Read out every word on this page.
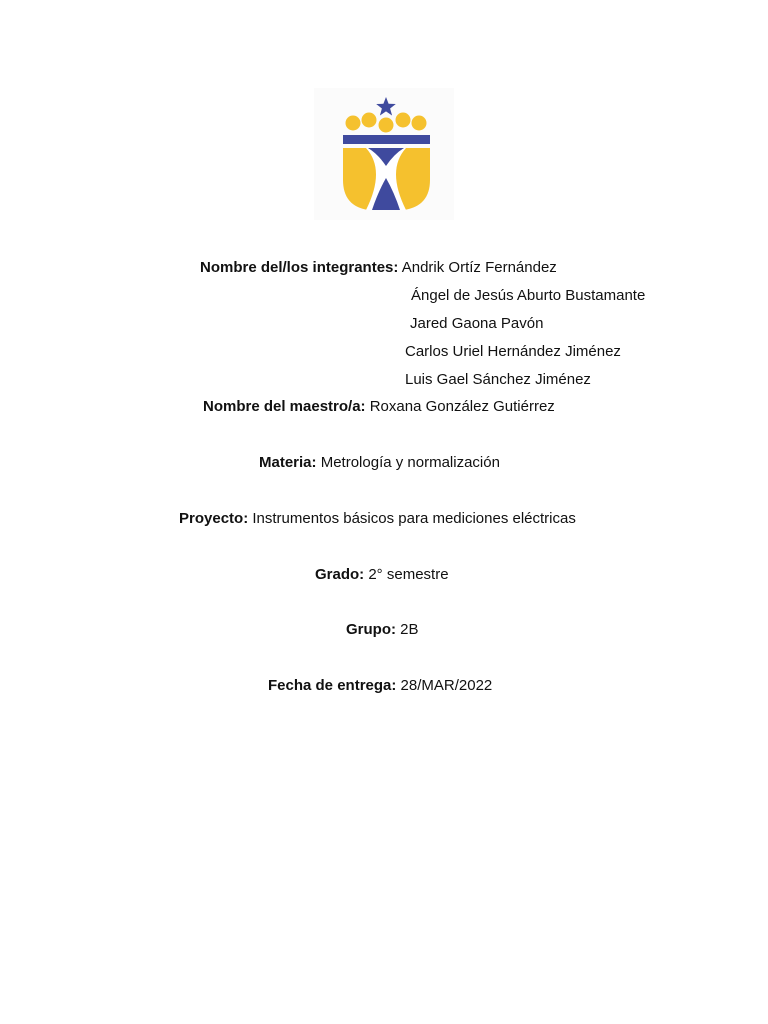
Nombre del/los integrantes: Andrik Ortíz Fernández
Ángel de Jesús Aburto Bustamante
Jared Gaona Pavón
Carlos Uriel Hernández Jiménez
Luis Gael Sánchez Jiménez
Nombre del maestro/a: Roxana González Gutiérrez
Materia: Metrología y normalización
Proyecto: Instrumentos básicos para mediciones eléctricas
Grado: 2° semestre
Grupo: 2B
Fecha de entrega: 28/MAR/2022
